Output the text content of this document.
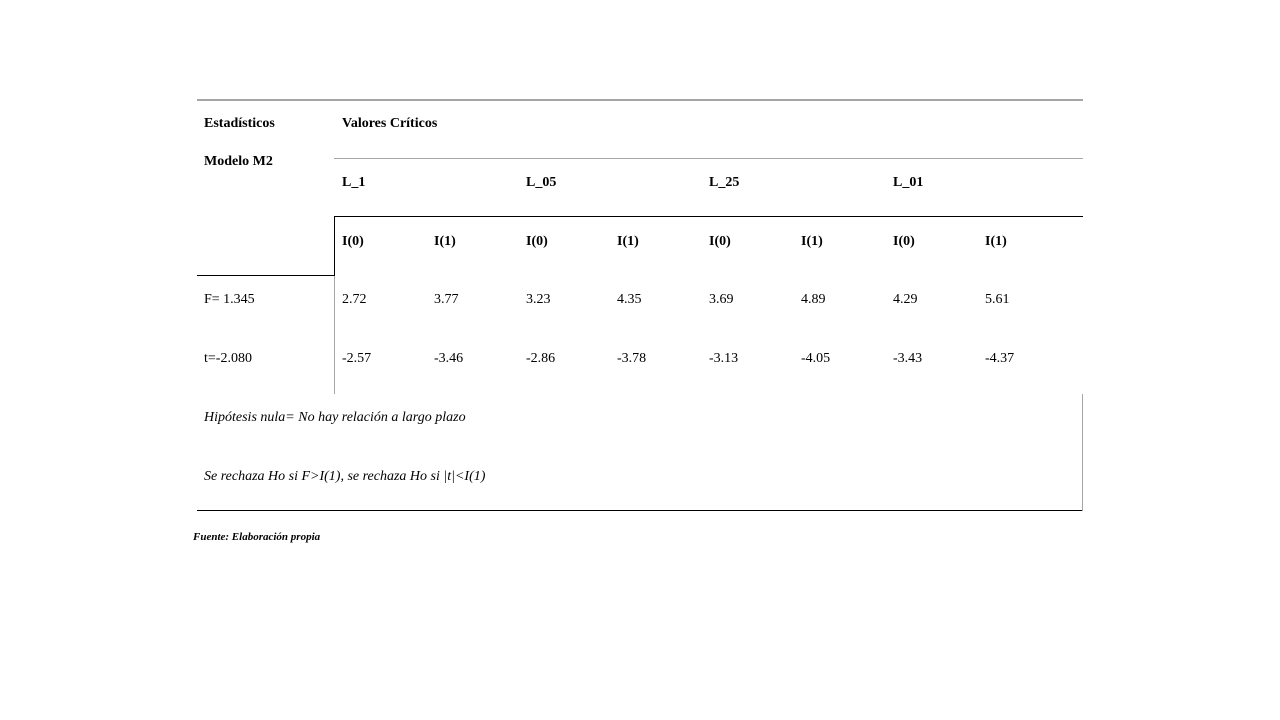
Estadísticos
Modelo M2
Valores Críticos
L_1	L_05	L_25	L_01
I(0)	I(1)	I(0)	I(1)	I(0)	I(1)	I(0)	I(1)
F= 1.345	2.72	3.77	3.23	4.35	3.69	4.89	4.29	5.61
t=-2.080	-2.57	-3.46	-2.86	-3.78	-3.13	-4.05	-3.43	-4.37
Hipótesis nula= No hay relación a largo plazo
Se rechaza Ho si F>I(1), se rechaza Ho si |t|<I(1)
Fuente: Elaboración propia
